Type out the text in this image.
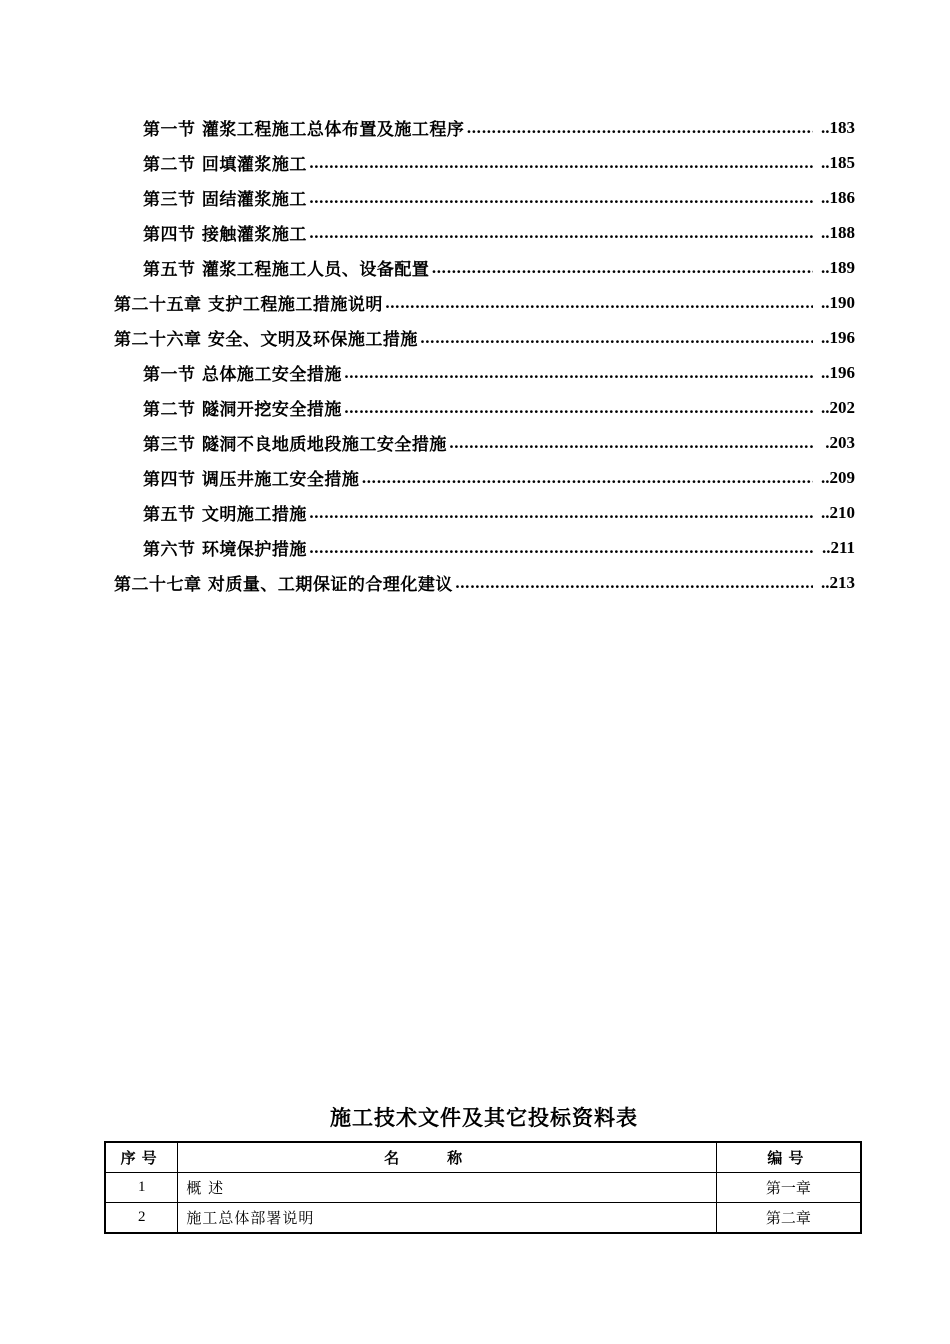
第一节 灌浆工程施工总体布置及施工程序 …………………………………………………………………………………………………………………………………………………………………………	..183
第二节 回填灌浆施工 …………………………………………………………………………………………………………………………………………………………………………	..185
第三节 固结灌浆施工 …………………………………………………………………………………………………………………………………………………………………………	..186
第四节 接触灌浆施工 …………………………………………………………………………………………………………………………………………………………………………	..188
第五节 灌浆工程施工人员、设备配置 …………………………………………………………………………………………………………………………………………………………………………	..189
第二十五章 支护工程施工措施说明 …………………………………………………………………………………………………………………………………………………………………………	..190
第二十六章 安全、文明及环保施工措施 …………………………………………………………………………………………………………………………………………………………………………	..196
第一节 总体施工安全措施 …………………………………………………………………………………………………………………………………………………………………………	..196
第二节 隧洞开挖安全措施 …………………………………………………………………………………………………………………………………………………………………………	..202
第三节 隧洞不良地质地段施工安全措施 …………………………………………………………………………………………………………………………………………………………………………	.203
第四节 调压井施工安全措施 …………………………………………………………………………………………………………………………………………………………………………	..209
第五节 文明施工措施 …………………………………………………………………………………………………………………………………………………………………………	..210
第六节 环境保护措施 …………………………………………………………………………………………………………………………………………………………………………	..211
第二十七章 对质量、工期保证的合理化建议 …………………………………………………………………………………………………………………………………………………………………………	..213
施工技术文件及其它投标资料表
序号	名称	编号
1	概 述	第一章
2	施工总体部署说明	第二章
